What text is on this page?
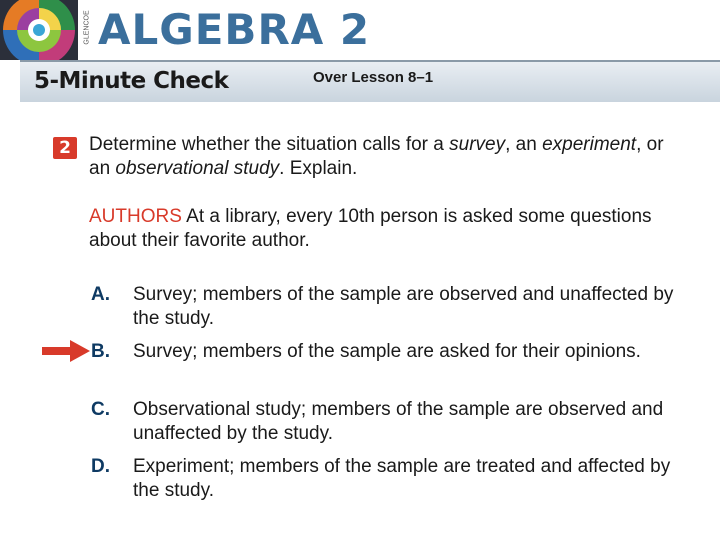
GLENCOE ALGEBRA 2
5-Minute Check	Over Lesson 8–1
2 Determine whether the situation calls for a survey, an experiment, or an observational study. Explain.
AUTHORS At a library, every 10th person is asked some questions about their favorite author.
A. Survey; members of the sample are observed and unaffected by the study.
B. Survey; members of the sample are asked for their opinions.
C. Observational study; members of the sample are observed and unaffected by the study.
D. Experiment; members of the sample are treated and affected by the study.
